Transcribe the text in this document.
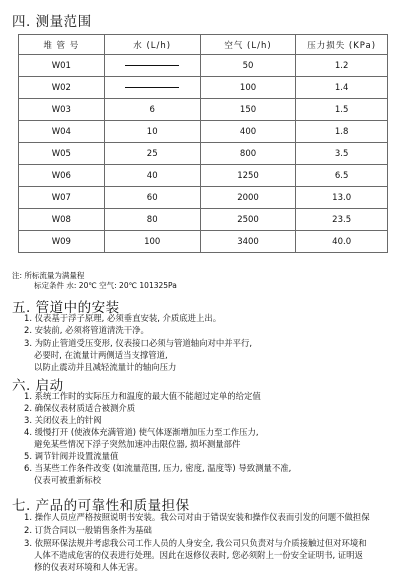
四. 测量范围
堆 管 号	水 (L/h)	空气 (L/h)	压力损失 (KPa)
W01		50	1.2
W02		100	1.4
W03	6	150	1.5
W04	10	400	1.8
W05	25	800	3.5
W06	40	1250	6.5
W07	60	2000	13.0
W08	80	2500	23.5
W09	100	3400	40.0
注: 所标流量为满量程
标定条件 水: 20℃ 空气: 20℃ 101325Pa
五. 管道中的安装
1. 仪表基于浮子原理, 必须垂直安装, 介质底进上出。
2. 安装前, 必须将管道清洗干净。
3. 为防止管道受压变形, 仪表接口必须与管道轴向对中并平行,
必要时, 在流量计两侧适当支撑管道,
以防止震动并且减轻流量计的轴向压力
六. 启动
1. 系统工作时的实际压力和温度的最大值不能超过定单的给定值
2. 确保仪表材质适合被测介质
3. 关闭仪表上的针阀
4. 缓慢打开 (使液体充满管道) 使气体逐渐增加压力至工作压力,
避免某些情况下浮子突然加速冲击限位器, 损坏测量部件
5. 调节针阀并设置流量值
6. 当某些工作条件改变 (如流量范围, 压力, 密度, 温度等) 导致测量不准,
仪表可被重新标校
七. 产品的可靠性和质量担保
1. 操作人员应严格按照说明书安装。我公司对由于错误安装和操作仪表而引发的问题不做担保
2. 订货合同以一般销售条件为基础
3. 依照环保法规并考虑我公司工作人员的人身安全, 我公司只负责对与介质接触过但对环境和
人体不造成危害的仪表进行处理。因此在返修仪表时, 您必须附上一份安全证明书, 证明返
修的仪表对环境和人体无害。
